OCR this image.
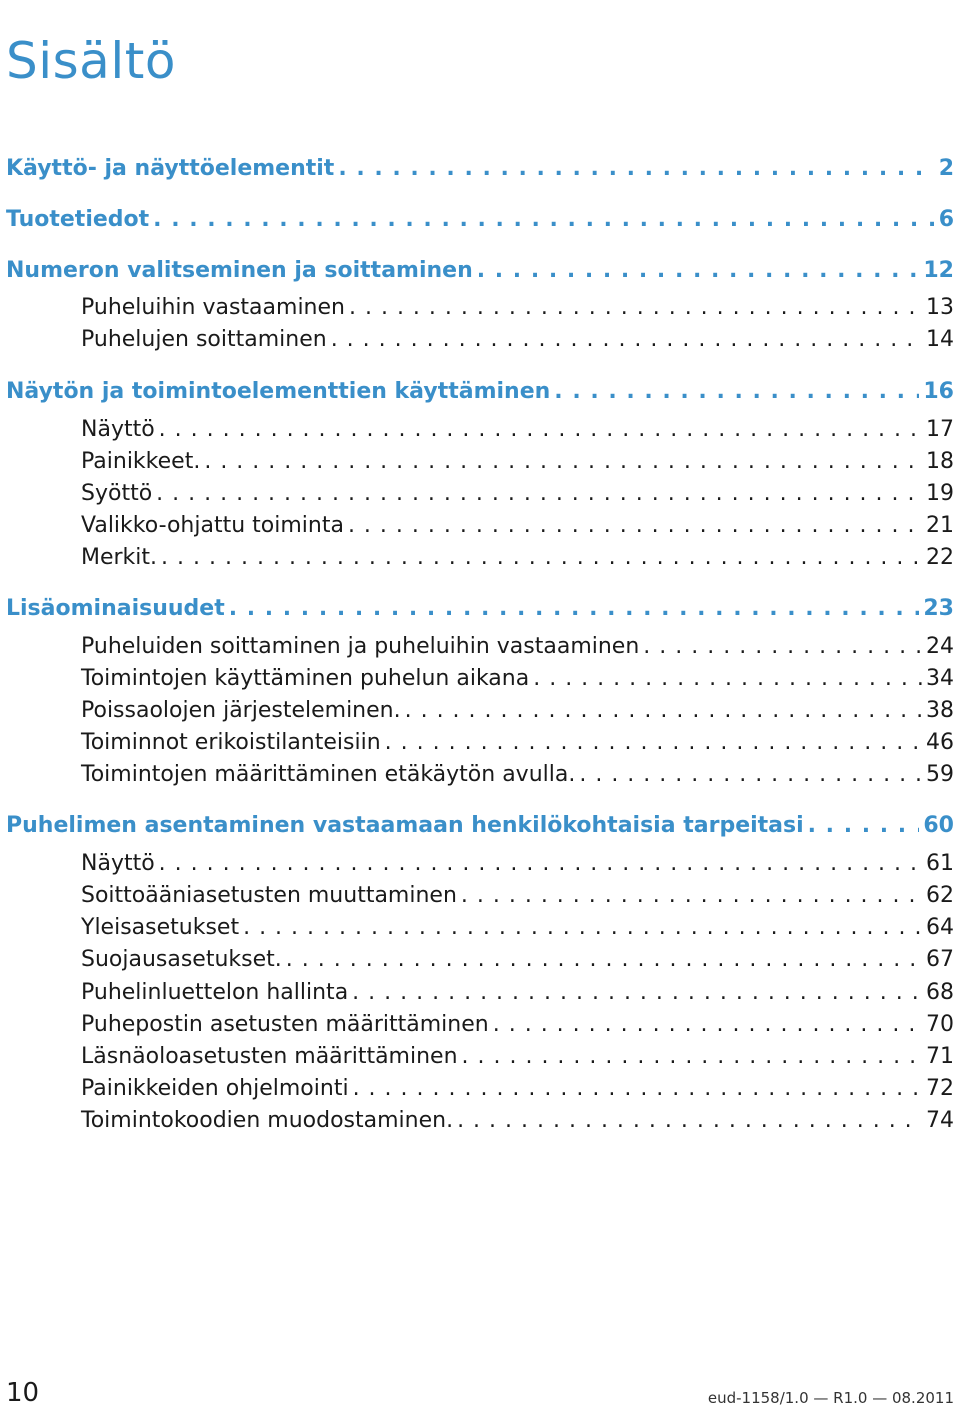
Sisältö
Käyttö- ja näyttöelementit . . .	2
Tuotetiedot . . .	6
Numeron valitseminen ja soittaminen . . .	12
Puheluihin vastaaminen . . .	13
Puhelujen soittaminen . . .	14
Näytön ja toimintoelementtien käyttäminen . . .	16
Näyttö . . .	17
Painikkeet. . . .	18
Syöttö . . .	19
Valikko-ohjattu toiminta . . .	21
Merkit. . . .	22
Lisäominaisuudet . . .	23
Puheluiden soittaminen ja puheluihin vastaaminen . . .	24
Toimintojen käyttäminen puhelun aikana . . .	34
Poissaolojen järjesteleminen. . . .	38
Toiminnot erikoistilanteisiin . . .	46
Toimintojen määrittäminen etäkäytön avulla. . . .	59
Puhelimen asentaminen vastaamaan henkilökohtaisia tarpeitasi . . .	60
Näyttö . . .	61
Soittoääniasetusten muuttaminen . . .	62
Yleisasetukset . . .	64
Suojausasetukset. . . .	67
Puhelinluettelon hallinta . . .	68
Puhepostin asetusten määrittäminen . . .	70
Läsnäoloasetusten määrittäminen . . .	71
Painikkeiden ohjelmointi . . .	72
Toimintokoodien muodostaminen. . . .	74
10	eud-1158/1.0 — R1.0 — 08.2011
